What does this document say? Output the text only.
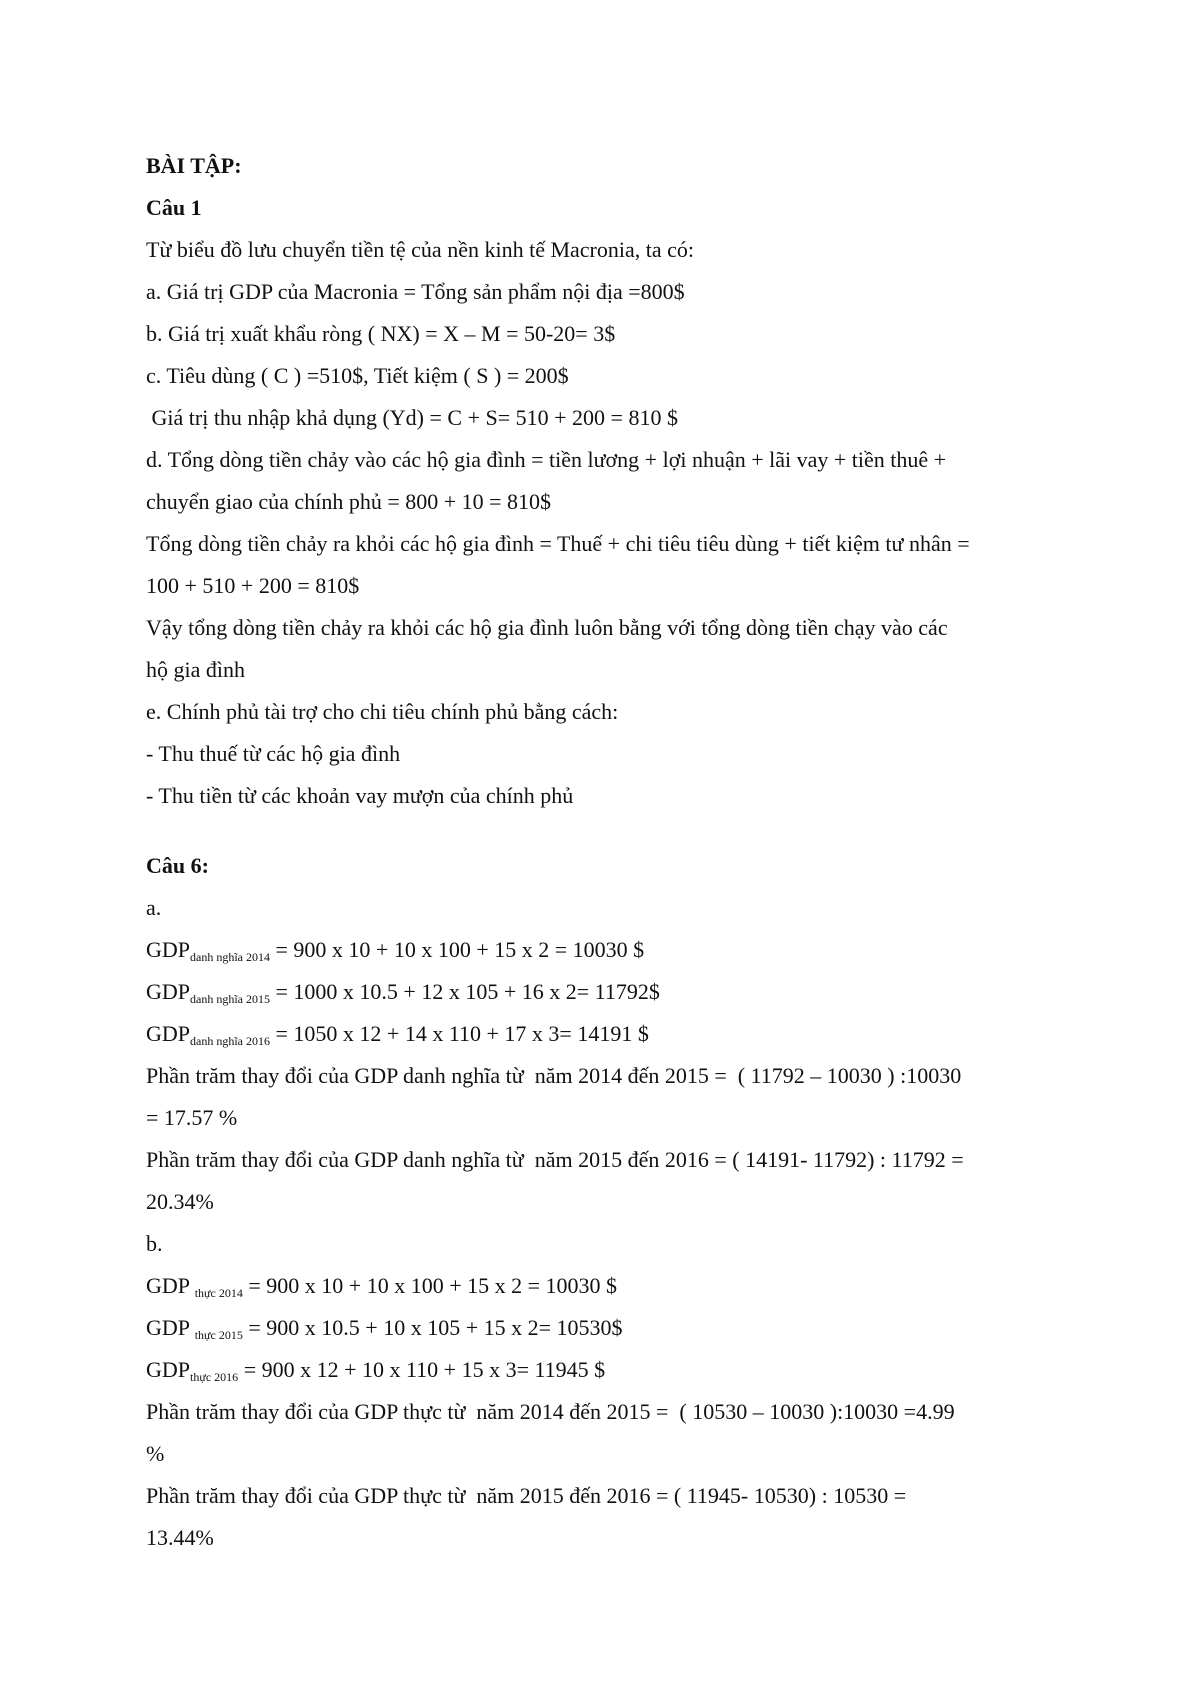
BÀI TẬP:
Câu 1
Từ biểu đồ lưu chuyển tiền tệ của nền kinh tế Macronia, ta có:
a. Giá trị GDP của Macronia = Tổng sản phẩm nội địa =800$
b. Giá trị xuất khẩu ròng ( NX) = X – M = 50-20= 3$
c. Tiêu dùng ( C ) =510$, Tiết kiệm ( S ) = 200$
Giá trị thu nhập khả dụng (Yd) = C + S= 510 + 200 = 810 $
d. Tổng dòng tiền chảy vào các hộ gia đình = tiền lương + lợi nhuận + lãi vay + tiền thuê +
chuyển giao của chính phủ = 800 + 10 = 810$
Tổng dòng tiền chảy ra khỏi các hộ gia đình = Thuế + chi tiêu tiêu dùng + tiết kiệm tư nhân =
100 + 510 + 200 = 810$
Vậy tổng dòng tiền chảy ra khỏi các hộ gia đình luôn bằng với tổng dòng tiền chạy vào các
hộ gia đình
e. Chính phủ tài trợ cho chi tiêu chính phủ bằng cách:
- Thu thuế từ các hộ gia đình
- Thu tiền từ các khoản vay mượn của chính phủ
Câu 6:
a.
$GDP_{danh nghĩa 2014} = 900$ x 10 + 10 x 100 + 15 x 2 = 10030 $
$GDP_{danh nghĩa 2015} = 1000$ x 10.5 + 12 x 105 + 16 x 2= 11792$
$GDP_{danh nghĩa 2016} = 1050$ x 12 + 14 x 110 + 17 x 3= 14191 $
Phần trăm thay đổi của GDP danh nghĩa từ  năm 2014 đến 2015 =  ( 11792 – 10030 ) :10030
= 17.57 %
Phần trăm thay đổi của GDP danh nghĩa từ  năm 2015 đến 2016 = ( 14191- 11792) : 11792 =
20.34%
b.
GDP $_{thực 2014}$ = 900 x 10 + 10 x 100 + 15 x 2 = 10030 $
GDP $_{thực 2015}$ = 900 x 10.5 + 10 x 105 + 15 x 2= 10530$
$GDP_{thực 2016} = 900$ x 12 + 10 x 110 + 15 x 3= 11945 $
Phần trăm thay đổi của GDP thực từ  năm 2014 đến 2015 =  ( 10530 – 10030 ):10030 =4.99
%
Phần trăm thay đổi của GDP thực từ  năm 2015 đến 2016 = ( 11945- 10530) : 10530 =
13.44%
